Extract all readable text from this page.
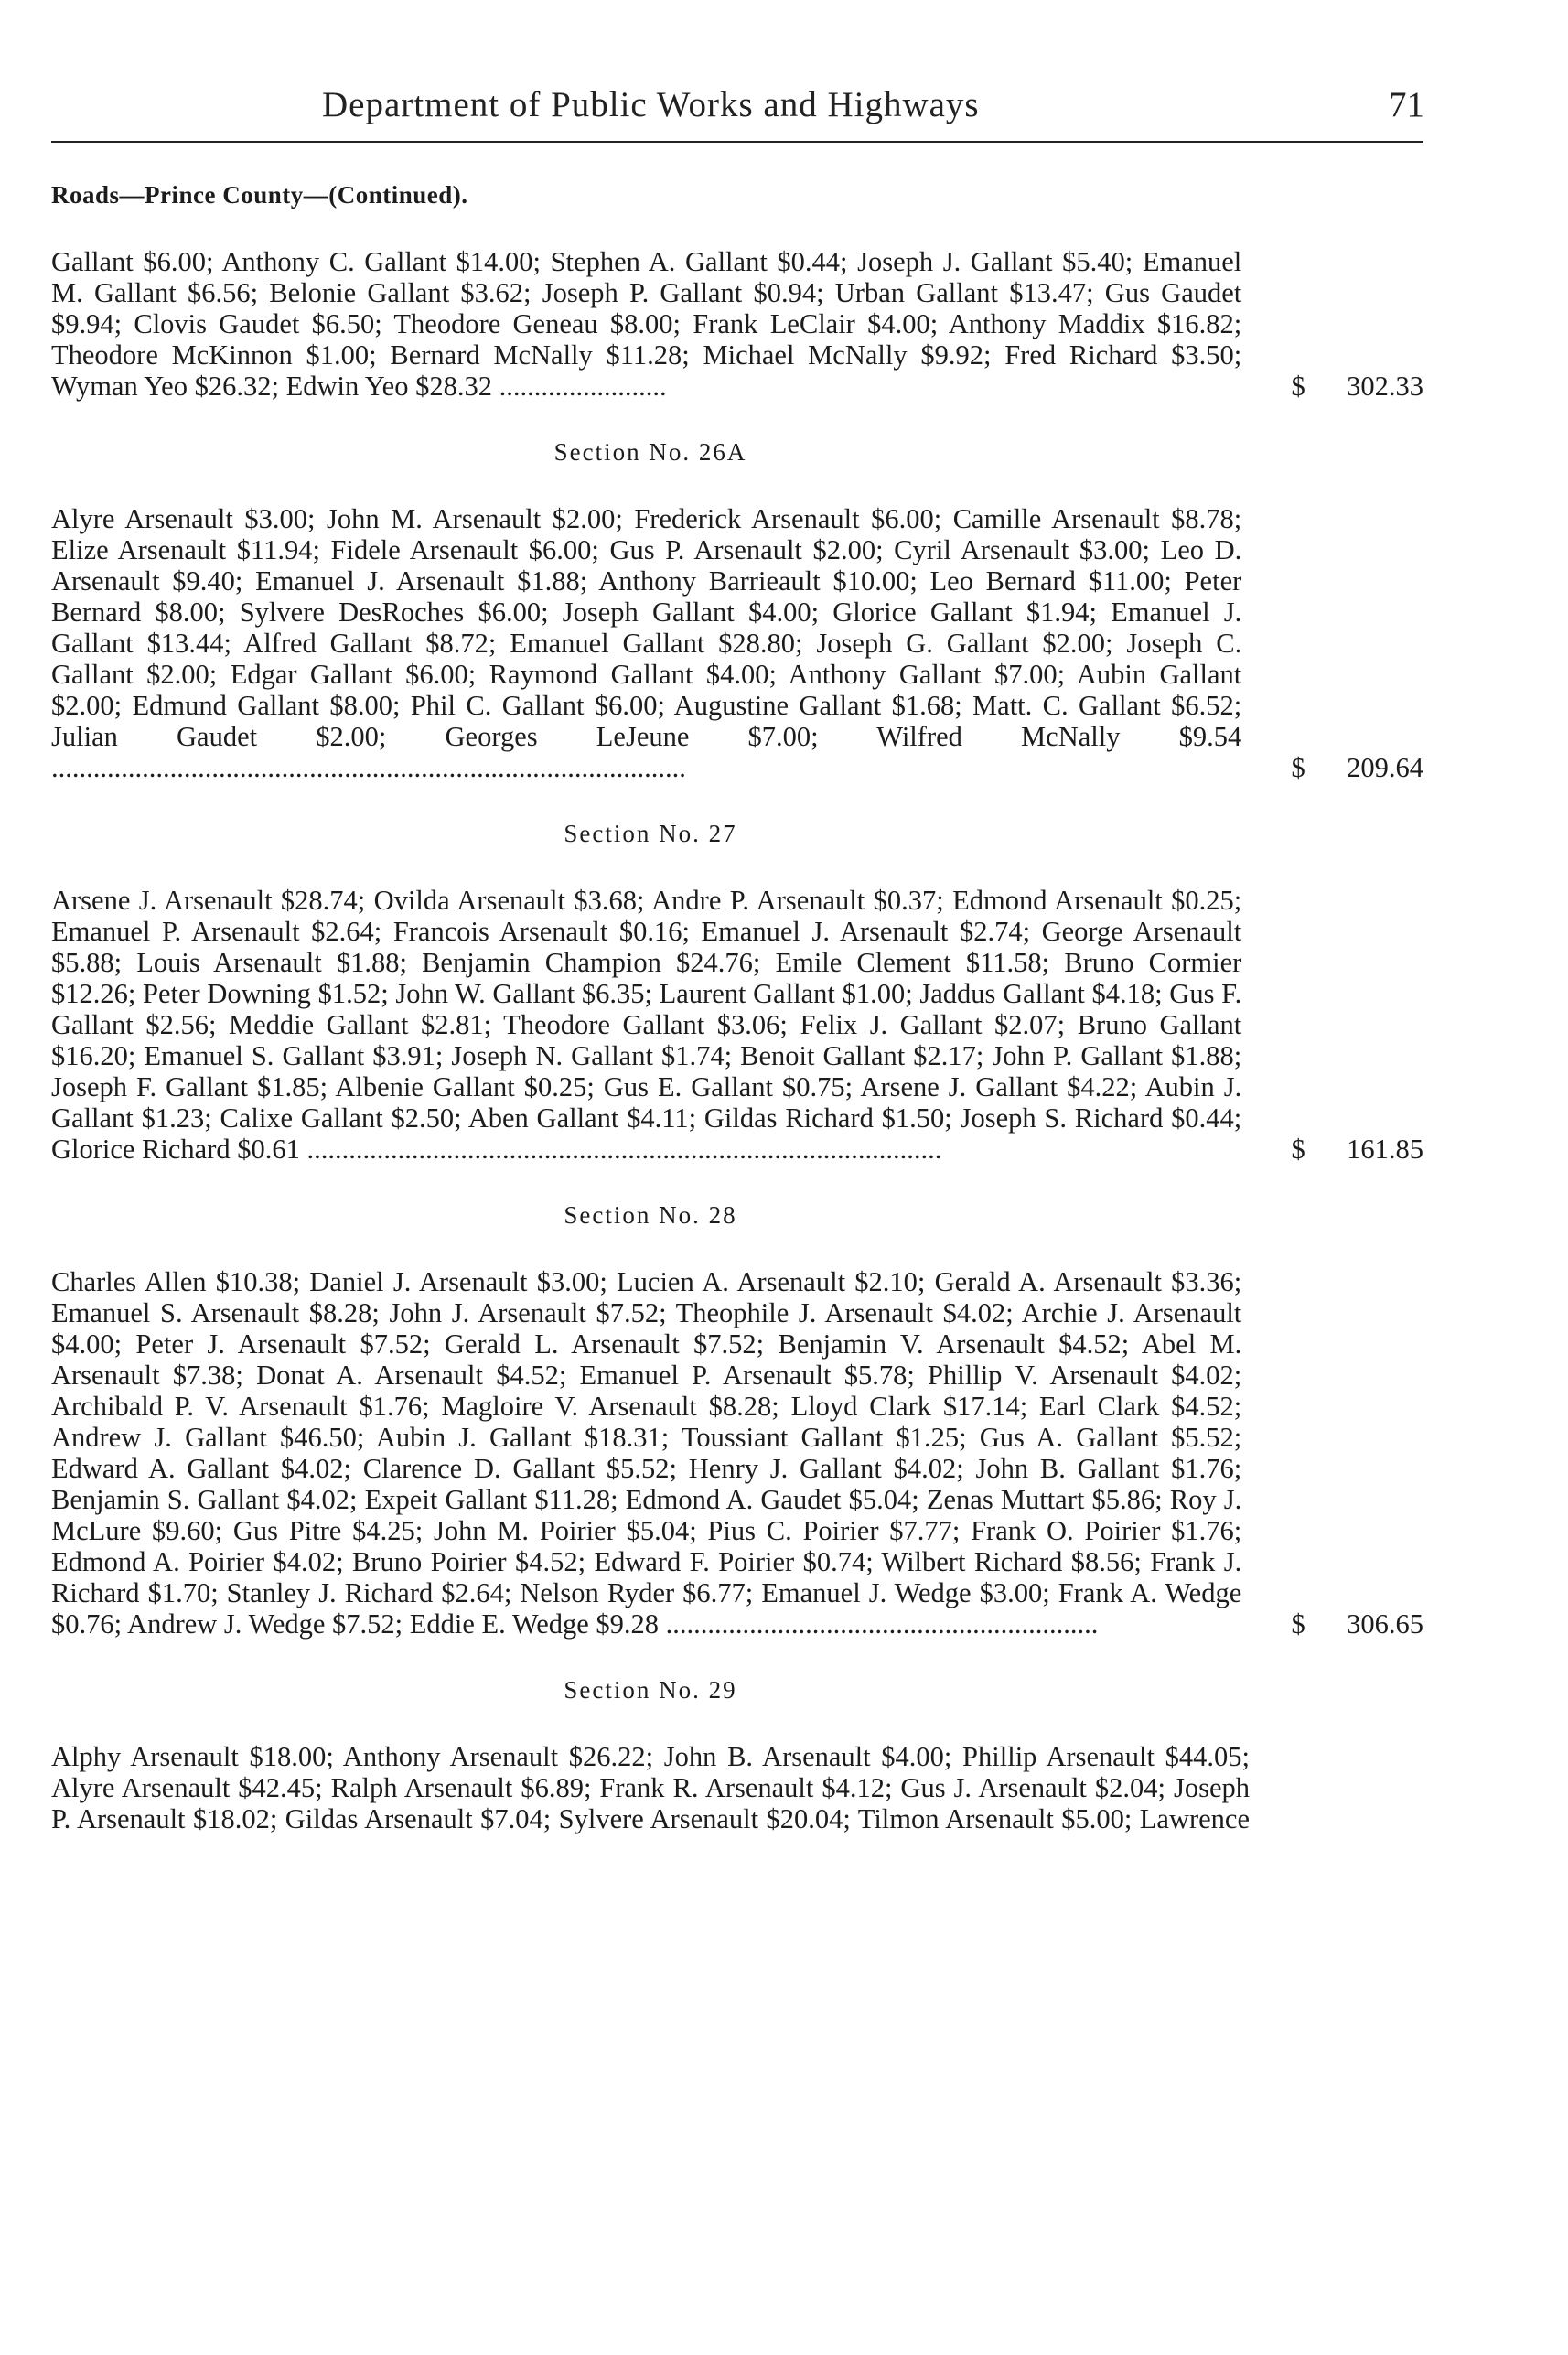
Department of Public Works and Highways	71
Roads—Prince County—(Continued).
Gallant $6.00; Anthony C. Gallant $14.00; Stephen A. Gallant $0.44; Joseph J. Gallant $5.40; Emanuel M. Gallant $6.56; Belonie Gallant $3.62; Joseph P. Gallant $0.94; Urban Gallant $13.47; Gus Gaudet $9.94; Clovis Gaudet $6.50; Theodore Geneau $8.00; Frank LeClair $4.00; Anthony Maddix $16.82; Theodore McKinnon $1.00; Bernard McNally $11.28; Michael McNally $9.92; Fred Richard $3.50; Wyman Yeo $26.32; Edwin Yeo $28.32 ........................	$	302.33
Section No. 26A
Alyre Arsenault $3.00; John M. Arsenault $2.00; Frederick Arsenault $6.00; Camille Arsenault $8.78; Elize Arsenault $11.94; Fidele Arsenault $6.00; Gus P. Arsenault $2.00; Cyril Arsenault $3.00; Leo D. Arsenault $9.40; Emanuel J. Arsenault $1.88; Anthony Barrieault $10.00; Leo Bernard $11.00; Peter Bernard $8.00; Sylvere DesRoches $6.00; Joseph Gallant $4.00; Glorice Gallant $1.94; Emanuel J. Gallant $13.44; Alfred Gallant $8.72; Emanuel Gallant $28.80; Joseph G. Gallant $2.00; Joseph C. Gallant $2.00; Edgar Gallant $6.00; Raymond Gallant $4.00; Anthony Gallant $7.00; Aubin Gallant $2.00; Edmund Gallant $8.00; Phil C. Gallant $6.00; Augustine Gallant $1.68; Matt. C. Gallant $6.52; Julian Gaudet $2.00; Georges LeJeune $7.00; Wilfred McNally $9.54 ...........................................................................................	$	209.64
Section No. 27
Arsene J. Arsenault $28.74; Ovilda Arsenault $3.68; Andre P. Arsenault $0.37; Edmond Arsenault $0.25; Emanuel P. Arsenault $2.64; Francois Arsenault $0.16; Emanuel J. Arsenault $2.74; George Arsenault $5.88; Louis Arsenault $1.88; Benjamin Champion $24.76; Emile Clement $11.58; Bruno Cormier $12.26; Peter Downing $1.52; John W. Gallant $6.35; Laurent Gallant $1.00; Jaddus Gallant $4.18; Gus F. Gallant $2.56; Meddie Gallant $2.81; Theodore Gallant $3.06; Felix J. Gallant $2.07; Bruno Gallant $16.20; Emanuel S. Gallant $3.91; Joseph N. Gallant $1.74; Benoit Gallant $2.17; John P. Gallant $1.88; Joseph F. Gallant $1.85; Albenie Gallant $0.25; Gus E. Gallant $0.75; Arsene J. Gallant $4.22; Aubin J. Gallant $1.23; Calixe Gallant $2.50; Aben Gallant $4.11; Gildas Richard $1.50; Joseph S. Richard $0.44; Glorice Richard $0.61 ...........................................................................................	$	161.85
Section No. 28
Charles Allen $10.38; Daniel J. Arsenault $3.00; Lucien A. Arsenault $2.10; Gerald A. Arsenault $3.36; Emanuel S. Arsenault $8.28; John J. Arsenault $7.52; Theophile J. Arsenault $4.02; Archie J. Arsenault $4.00; Peter J. Arsenault $7.52; Gerald L. Arsenault $7.52; Benjamin V. Arsenault $4.52; Abel M. Arsenault $7.38; Donat A. Arsenault $4.52; Emanuel P. Arsenault $5.78; Phillip V. Arsenault $4.02; Archibald P. V. Arsenault $1.76; Magloire V. Arsenault $8.28; Lloyd Clark $17.14; Earl Clark $4.52; Andrew J. Gallant $46.50; Aubin J. Gallant $18.31; Toussiant Gallant $1.25; Gus A. Gallant $5.52; Edward A. Gallant $4.02; Clarence D. Gallant $5.52; Henry J. Gallant $4.02; John B. Gallant $1.76; Benjamin S. Gallant $4.02; Expeit Gallant $11.28; Edmond A. Gaudet $5.04; Zenas Muttart $5.86; Roy J. McLure $9.60; Gus Pitre $4.25; John M. Poirier $5.04; Pius C. Poirier $7.77; Frank O. Poirier $1.76; Edmond A. Poirier $4.02; Bruno Poirier $4.52; Edward F. Poirier $0.74; Wilbert Richard $8.56; Frank J. Richard $1.70; Stanley J. Richard $2.64; Nelson Ryder $6.77; Emanuel J. Wedge $3.00; Frank A. Wedge $0.76; Andrew J. Wedge $7.52; Eddie E. Wedge $9.28 ..............................................................	$	306.65
Section No. 29
Alphy Arsenault $18.00; Anthony Arsenault $26.22; John B. Arsenault $4.00; Phillip Arsenault $44.05; Alyre Arsenault $42.45; Ralph Arsenault $6.89; Frank R. Arsenault $4.12; Gus J. Arsenault $2.04; Joseph P. Arsenault $18.02; Gildas Arsenault $7.04; Sylvere Arsenault $20.04; Tilmon Arsenault $5.00; Lawrence
